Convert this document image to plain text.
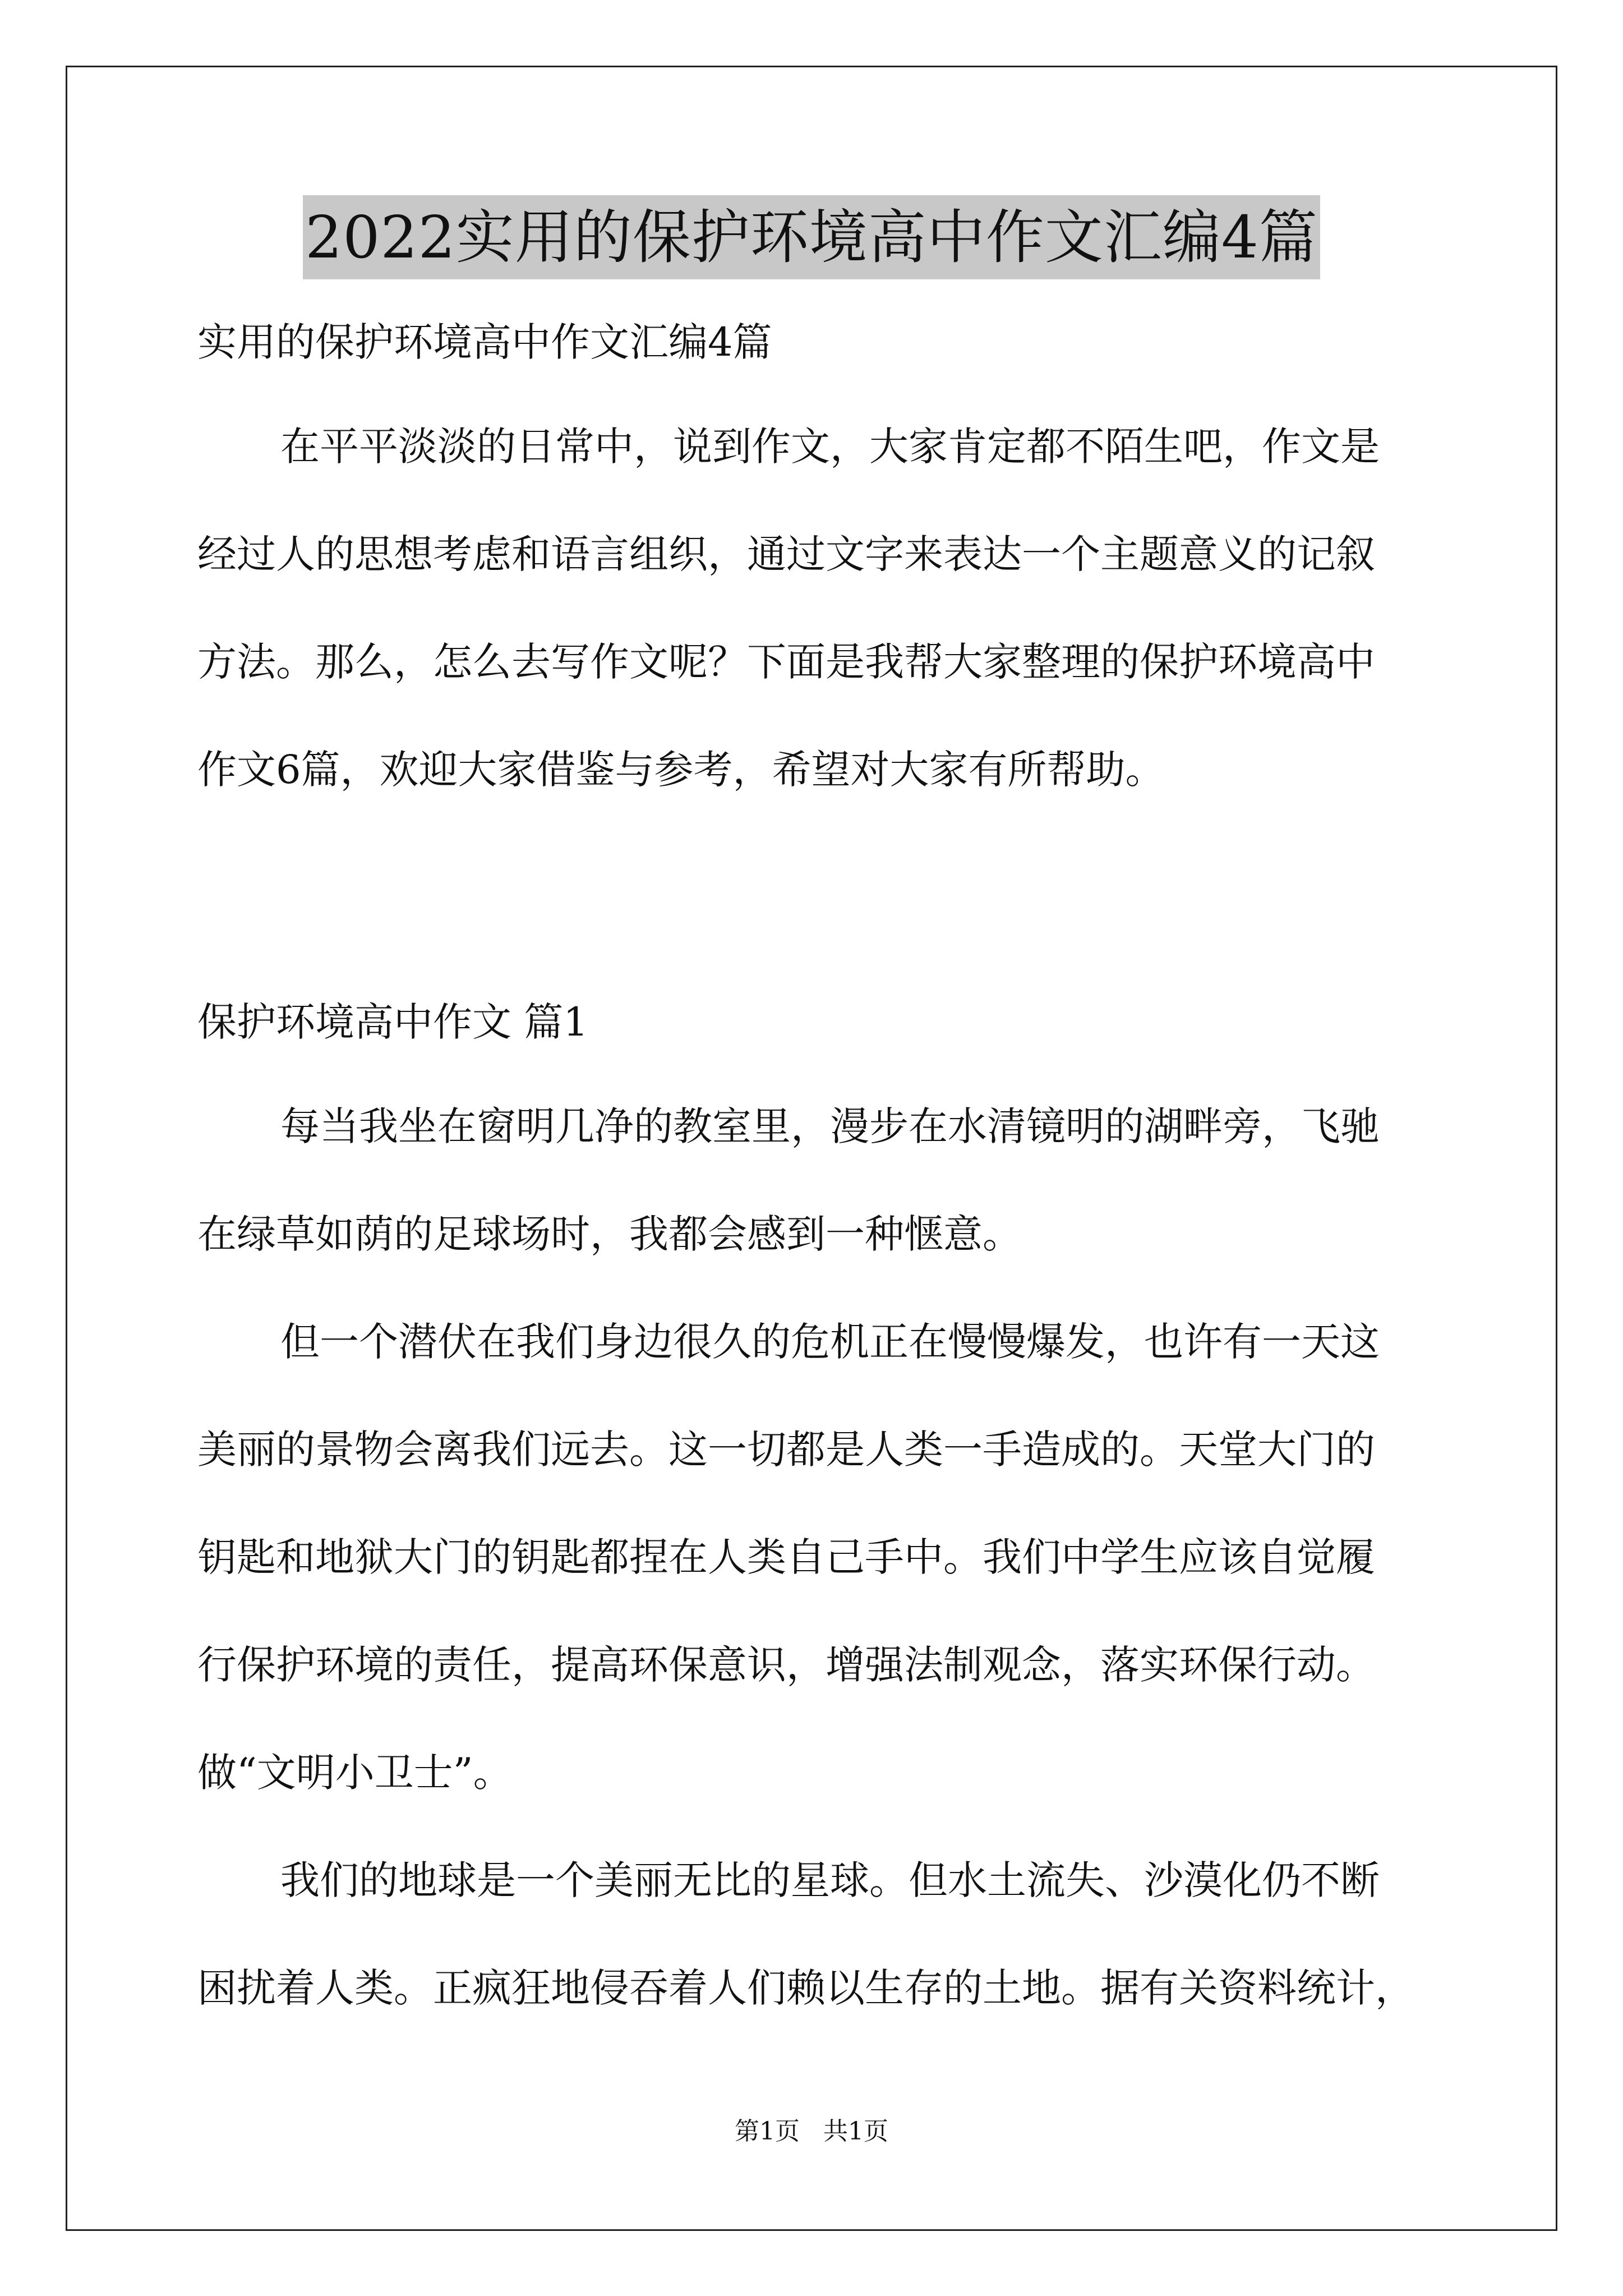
2022实用的保护环境高中作文汇编4篇
实用的保护环境高中作文汇编4篇
在平平淡淡的日常中，说到作文，大家肯定都不陌生吧，作文是
经过人的思想考虑和语言组织，通过文字来表达一个主题意义的记叙
方法。那么，怎么去写作文呢？下面是我帮大家整理的保护环境高中
作文6篇，欢迎大家借鉴与参考，希望对大家有所帮助。
保护环境高中作文 篇1
每当我坐在窗明几净的教室里，漫步在水清镜明的湖畔旁，飞驰
在绿草如荫的足球场时，我都会感到一种惬意。
但一个潜伏在我们身边很久的危机正在慢慢爆发，也许有一天这
美丽的景物会离我们远去。这一切都是人类一手造成的。天堂大门的
钥匙和地狱大门的钥匙都捏在人类自己手中。我们中学生应该自觉履
行保护环境的责任，提高环保意识，增强法制观念，落实环保行动。
做“文明小卫士”。
我们的地球是一个美丽无比的星球。但水土流失、沙漠化仍不断
困扰着人类。正疯狂地侵吞着人们赖以生存的土地。据有关资料统计，
第1页   共1页
